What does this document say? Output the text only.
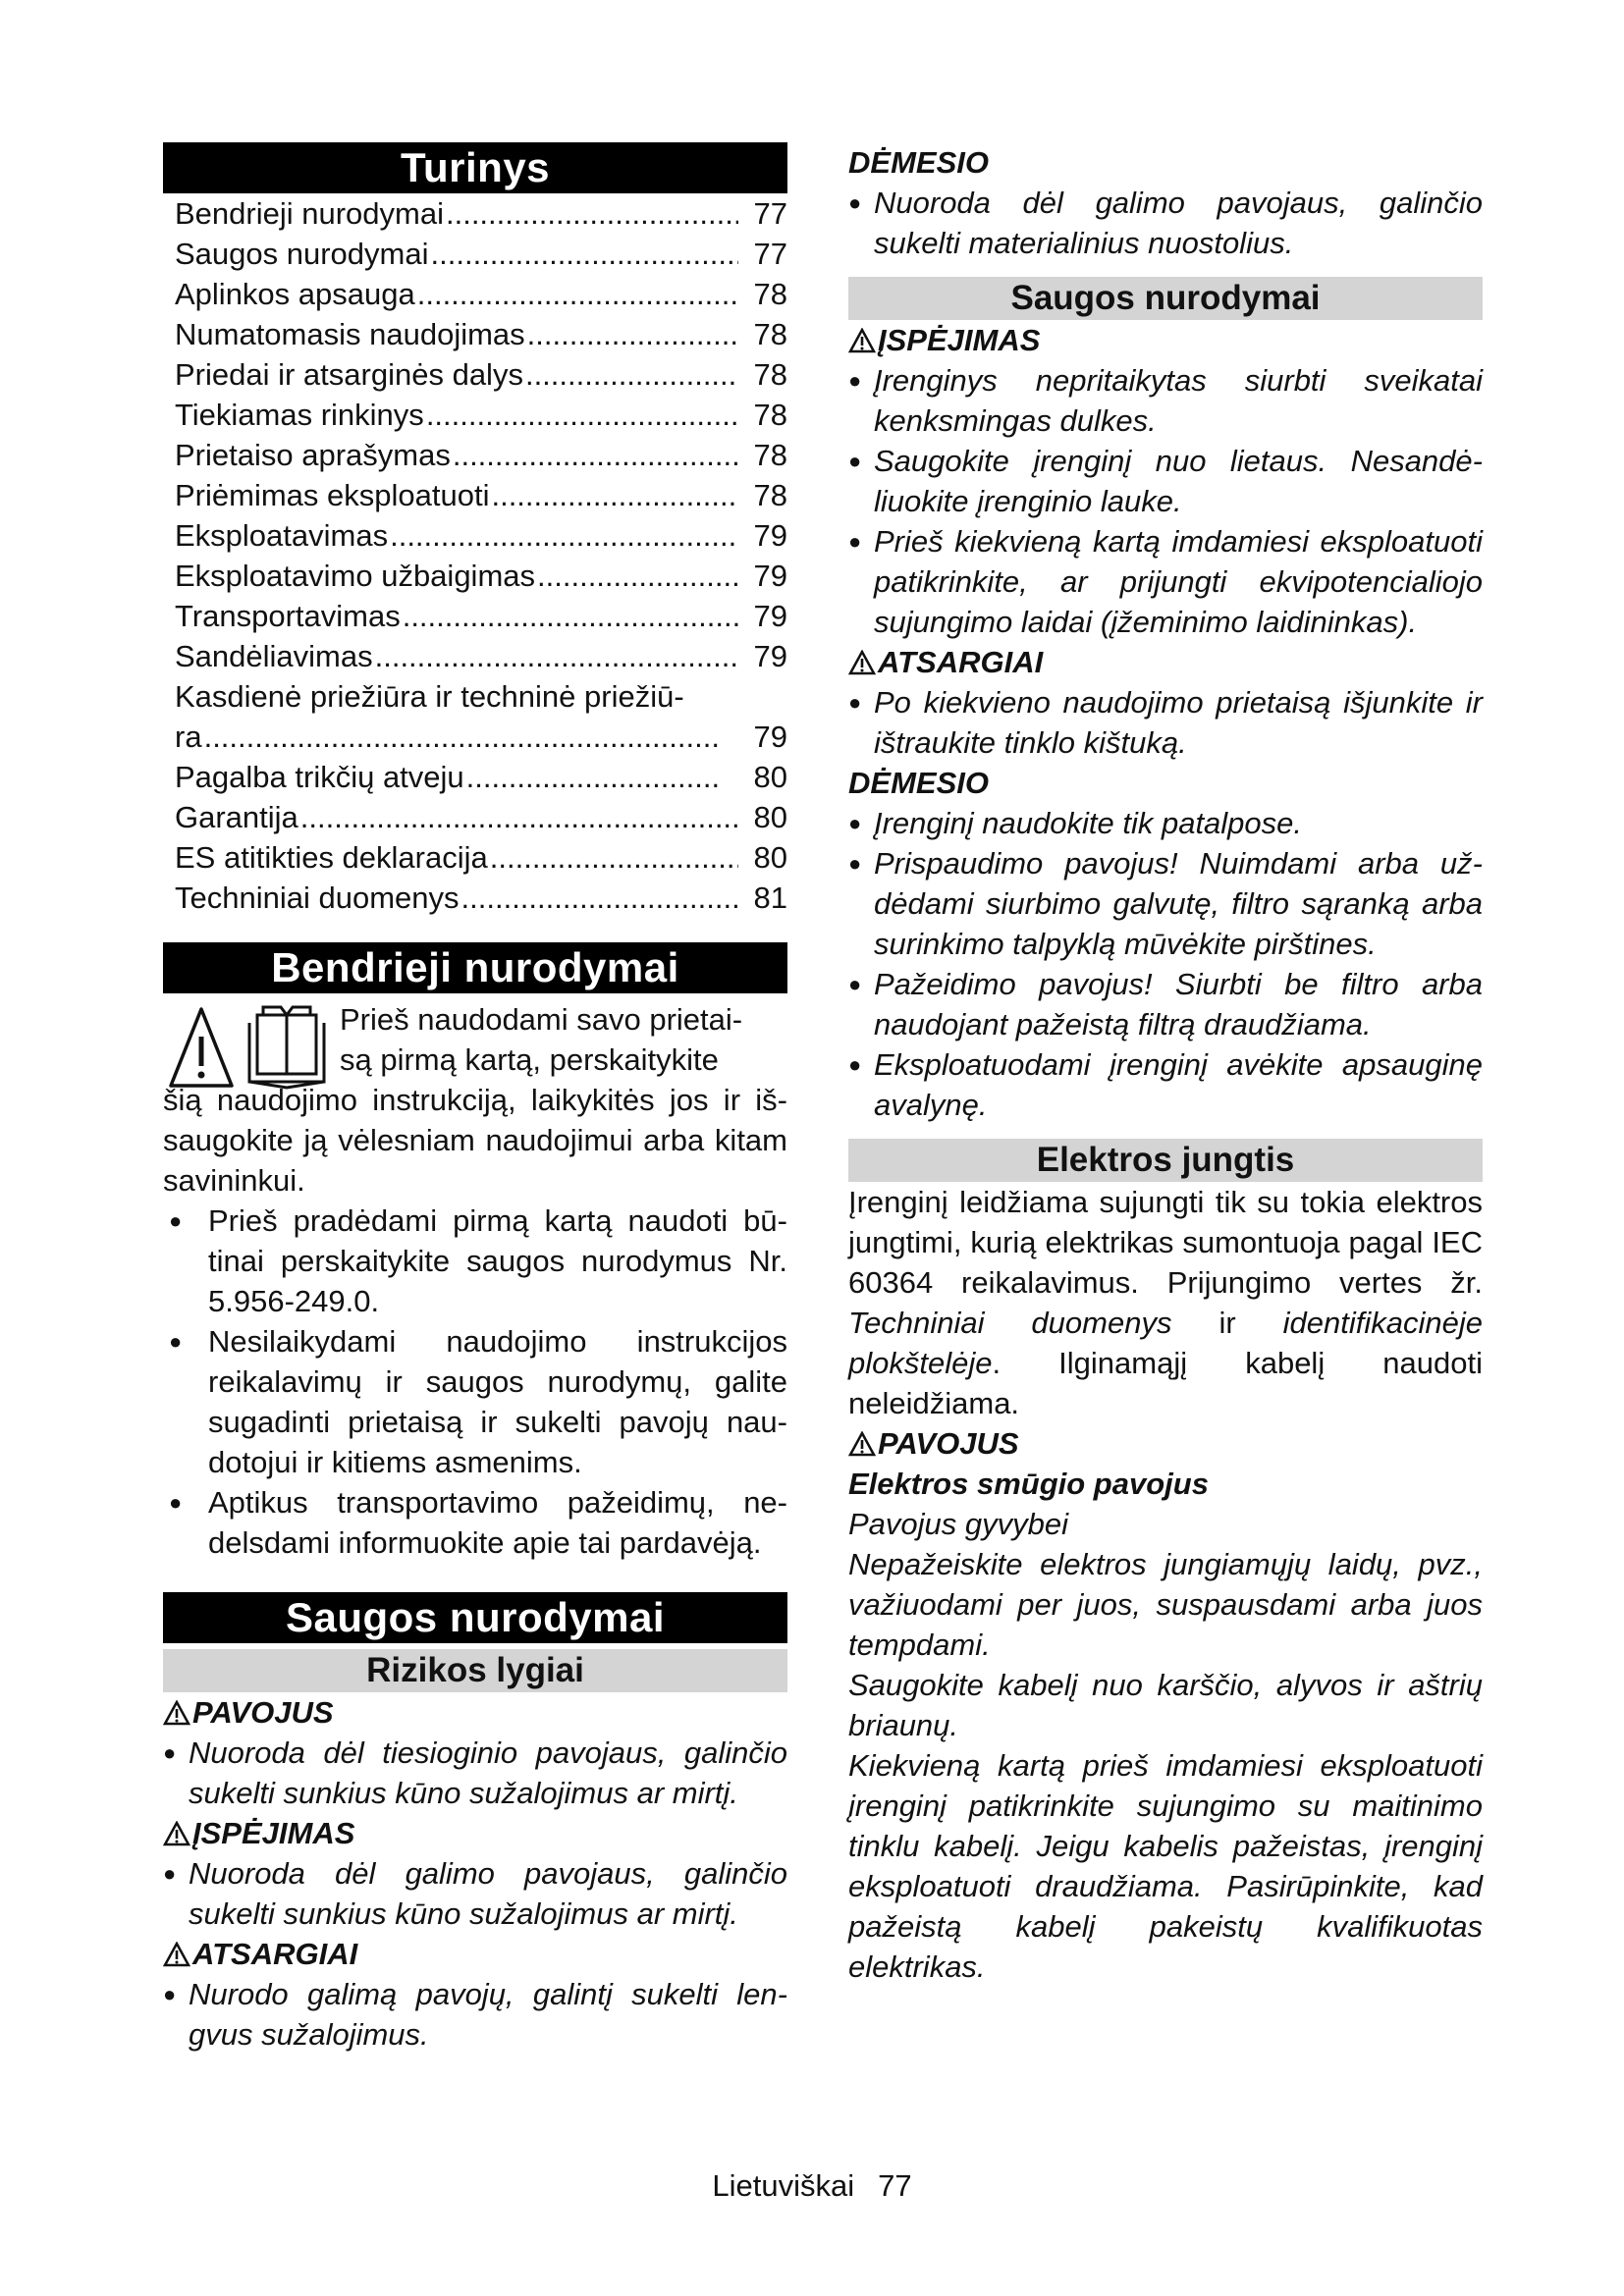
Turinys
Bendrieji nurodymai .....	77
Saugos nurodymai .....	77
Aplinkos apsauga .....	78
Numatomasis naudojimas .....	78
Priedai ir atsarginės dalys .....	78
Tiekiamas rinkinys .....	78
Prietaiso aprašymas .....	78
Priėmimas eksploatuoti .....	78
Eksploatavimas .....	79
Eksploatavimo užbaigimas .....	79
Transportavimas .....	79
Sandėliavimas .....	79
Kasdienė priežiūra ir techninė priežiū-
ra .....	79
Pagalba trikčių atveju .....	80
Garantija .....	80
ES atitikties deklaracija .....	80
Techniniai duomenys .....	81
Bendrieji nurodymai
Prieš naudodami savo prietai-
są pirmą kartą, perskaitykite

šią naudojimo instrukciją, laikykitės jos ir išsaugokite ją vėlesniam naudojimui arba kitam savininkui.

● Prieš pradėdami pirmą kartą naudoti būtinai perskaitykite saugos nurodymus Nr. 5.956-249.0.

● Nesilaikydami naudojimo instrukcijos reikalavimų ir saugos nurodymų, galite sugadinti prietaisą ir sukelti pavojų naudotojui ir kitiems asmenims.

● Aptikus transportavimo pažeidimų, nedelsdami informuokite apie tai pardavėją.

Saugos nurodymai
Rizikos lygiai
PAVOJUS

● Nuoroda dėl tiesioginio pavojaus, galinčio sukelti sunkius kūno sužalojimus ar mirtį.

ĮSPĖJIMAS

● Nuoroda dėl galimo pavojaus, galinčio sukelti sunkius kūno sužalojimus ar mirtį.

ATSARGIAI

● Nurodo galimą pavojų, galintį sukelti lengvus sužalojimus.

DĖMESIO

● Nuoroda dėl galimo pavojaus, galinčio sukelti materialinius nuostolius.

Saugos nurodymai
ĮSPĖJIMAS

● Įrenginys nepritaikytas siurbti sveikatai kenksmingas dulkes.

● Saugokite įrenginį nuo lietaus. Nesandėliuokite įrenginio lauke.

● Prieš kiekvieną kartą imdamiesi eksploatuoti patikrinkite, ar prijungti ekvipotencialiojo sujungimo laidai (įžeminimo laidininkas).

ATSARGIAI

● Po kiekvieno naudojimo prietaisą išjunkite ir ištraukite tinklo kištuką.

DĖMESIO

● Įrenginį naudokite tik patalpose.

● Prispaudimo pavojus! Nuimdami arba uždėdami siurbimo galvutę, filtro sąranką arba surinkimo talpyklą mūvėkite pirštines.

● Pažeidimo pavojus! Siurbti be filtro arba naudojant pažeistą filtrą draudžiama.

● Eksploatuodami įrenginį avėkite apsauginę avalynę.

Elektros jungtis

Įrenginį leidžiama sujungti tik su tokia elektros jungtimi, kurią elektrikas sumontuoja pagal IEC 60364 reikalavimus. Prijungimo vertes žr. Techniniai duomenys ir identifikacinėje plokštelėje. Ilginamąjį kabelį naudoti neleidžiama.

PAVOJUS

Elektros smūgio pavojus

Pavojus gyvybei

Nepažeiskite elektros jungiamųjų laidų, pvz., važiuodami per juos, suspausdami arba juos tempdami.

Saugokite kabelį nuo karščio, alyvos ir aštrių briaunų.

Kiekvieną kartą prieš imdamiesi eksploatuoti įrenginį patikrinkite sujungimo su maitinimo tinklu kabelį. Jeigu kabelis pažeistas, įrenginį eksploatuoti draudžiama. Pasirūpinkite, kad pažeistą kabelį pakeistų kvalifikuotas elektrikas.

Lietuviškai 77
